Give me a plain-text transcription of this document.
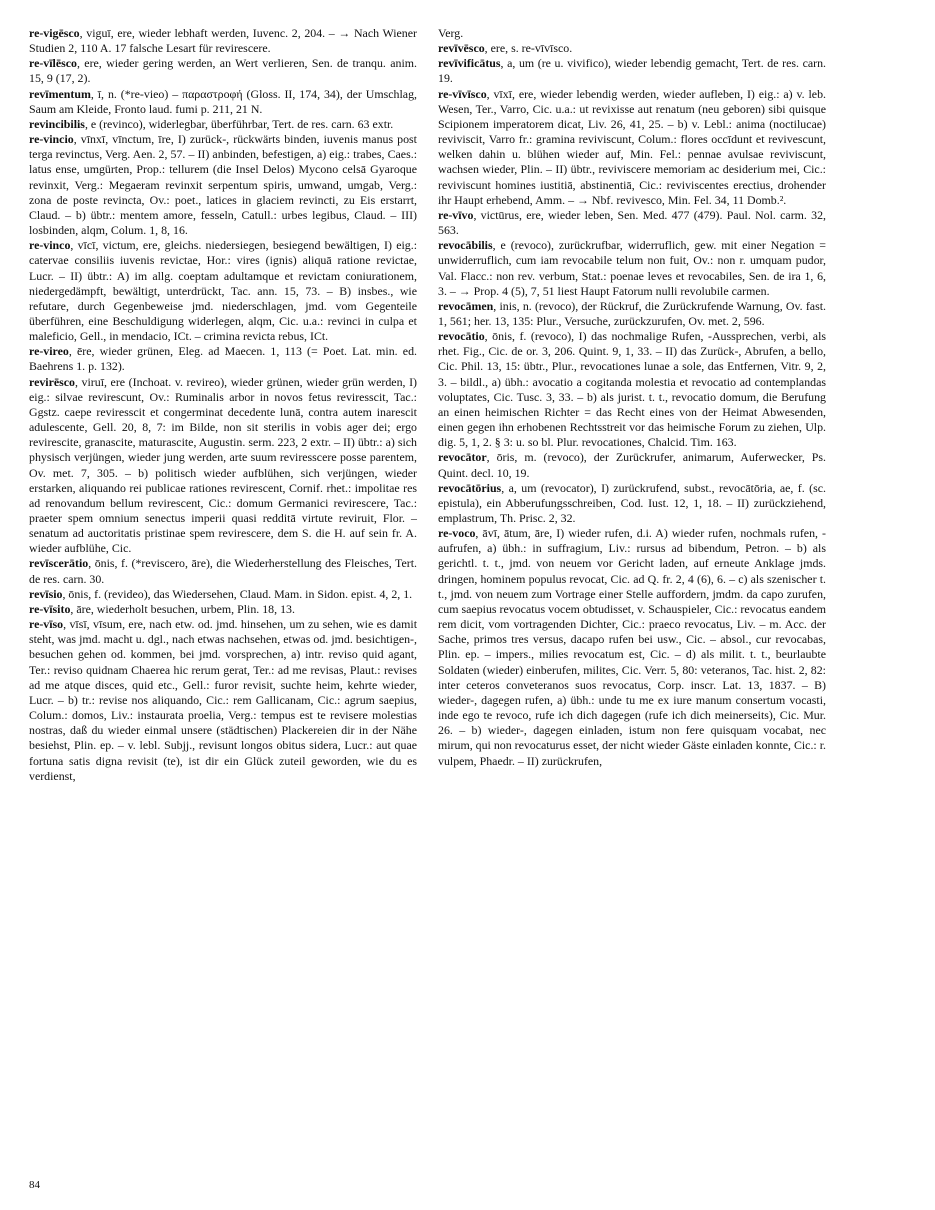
re-vigēsco, viguī, ere, wieder lebhaft werden, Iuvenc. 2, 204. – → Nach Wiener Studien 2, 110 A. 17 falsche Lesart für revirescere.

re-vīlēsco, ere, wieder gering werden, an Wert verlieren, Sen. de tranqu. anim. 15, 9 (17, 2).

revīmentum, ī, n. (*re-vieo) – παραστροφή (Gloss. II, 174, 34), der Umschlag, Saum am Kleide, Fronto laud. fumi p. 211, 21 N.

revincibilis, e (revinco), widerlegbar, überführbar, Tert. de res. carn. 63 extr.

re-vincio, vīnxī, vīnctum, īre, I) zurück-, rückwärts binden, iuvenis manus post terga revinctus, Verg. Aen. 2, 57. – II) anbinden, befestigen, a) eig.: trabes, Caes.: latus ense, umgürten, Prop.: tellurem (die Insel Delos) Mycono celsā Gyaroque revinxit, Verg.: Megaeram revinxit serpentum spiris, umwand, umgab, Verg.: zona de poste revincta, Ov.: poet., latices in glaciem revincti, zu Eis erstarrt, Claud. – b) übtr.: mentem amore, fesseln, Catull.: urbes legibus, Claud. – III) losbinden, alqm, Colum. 1, 8, 16.

re-vinco, vīcī, victum, ere, gleichs. niedersiegen, besiegend bewältigen, I) eig.: catervae consiliis iuvenis revictae, Hor.: vires (ignis) aliquā ratione revictae, Lucr. – II) übtr.: A) im allg. coeptam adultamque et revictam coniurationem, niedergedämpft, bewältigt, unterdrückt, Tac. ann. 15, 73. – B) insbes., wie refutare, durch Gegenbeweise jmd. niederschlagen, jmd. vom Gegenteile überführen, eine Beschuldigung widerlegen, alqm, Cic. u.a.: revinci in culpa et maleficio, Gell., in mendacio, ICt. – crimina revicta rebus, ICt.

re-vireo, ēre, wieder grünen, Eleg. ad Maecen. 1, 113 (= Poet. Lat. min. ed. Baehrens 1. p. 132).

revirēsco, viruī, ere (Inchoat. v. revireo), wieder grünen, wieder grün werden, I) eig.: silvae revirescunt, Ov.: Ruminalis arbor in novos fetus reviresscit, Tac.: Ggstz. caepe reviresscit et congerminat decedente lunā, contra autem inarescit adulescente, Gell. 20, 8, 7: im Bilde, non sit sterilis in vobis ager dei; ergo revirescite, granascite, maturascite, Augustin. serm. 223, 2 extr. – II) übtr.: a) sich physisch verjüngen, wieder jung werden, arte suum reviresscere posse parentem, Ov. met. 7, 305. – b) politisch wieder aufblühen, sich verjüngen, wieder erstarken, aliquando rei publicae rationes revirescent, Cornif. rhet.: impolitae res ad renovandum bellum revirescent, Cic.: domum Germanici revirescere, Tac.: praeter spem omnium senectus imperii quasi redditā virtute reviruit, Flor. – senatum ad auctoritatis pristinae spem revirescere, dem S. die H. auf sein fr. A. wieder aufblühe, Cic.

revīscerātio, ōnis, f. (*reviscero, āre), die Wiederherstellung des Fleisches, Tert. de res. carn. 30.

revīsio, ōnis, f. (revideo), das Wiedersehen, Claud. Mam. in Sidon. epist. 4, 2, 1.

re-vīsito, āre, wiederholt besuchen, urbem, Plin. 18, 13.

re-vīso, vīsī, vīsum, ere, nach etw. od. jmd. hinsehen, um zu sehen, wie es damit steht, was jmd. macht u. dgl., nach etwas nachsehen, etwas od. jmd. besichtigen-, besuchen gehen od. kommen, bei jmd. vorsprechen, a) intr. reviso quid agant, Ter.: reviso quidnam Chaerea hic rerum gerat, Ter.: ad me revisas, Plaut.: revises ad me atque disces, quid etc., Gell.: furor revisit, suchte heim, kehrte wieder, Lucr. – b) tr.: revise nos aliquando, Cic.: rem Gallicanam, Cic.: agrum saepius, Colum.: domos, Liv.: instaurata proelia, Verg.: tempus est te revisere molestias nostras, daß du wieder einmal unsere (städtischen) Plackereien dir in der Nähe besiehst, Plin. ep. – v. lebl. Subjj., revisunt longos obitus sidera, Lucr.: aut quae fortuna satis digna revisit (te), ist dir ein Glück zuteil geworden, wie du es verdienst,

Verg.

revīvēsco, ere, s. re-vīvīsco.

revīvificātus, a, um (re u. vivifico), wieder lebendig gemacht, Tert. de res. carn. 19.

re-vīvīsco, vīxī, ere, wieder lebendig werden, wieder aufleben, I) eig.: a) v. leb. Wesen, Ter., Varro, Cic. u.a.: ut revixisse aut renatum (neu geboren) sibi quisque Scipionem imperatorem dicat, Liv. 26, 41, 25. – b) v. Lebl.: anima (noctilucae) reviviscit, Varro fr.: gramina reviviscunt, Colum.: flores occīdunt et revivescunt, welken dahin u. blühen wieder auf, Min. Fel.: pennae avulsae reviviscunt, wachsen wieder, Plin. – II) übtr., reviviscere memoriam ac desiderium mei, Cic.: reviviscunt homines iustitiā, abstinentiā, Cic.: reviviscentes erectius, drohender ihr Haupt erhebend, Amm. – → Nbf. revivesco, Min. Fel. 34, 11 Domb.².

re-vīvo, victūrus, ere, wieder leben, Sen. Med. 477 (479). Paul. Nol. carm. 32, 563.

revocābilis, e (revoco), zurückrufbar, widerruflich, gew. mit einer Negation = unwiderruflich, cum iam revocabile telum non fuit, Ov.: non r. umquam pudor, Val. Flacc.: non rev. verbum, Stat.: poenae leves et revocabiles, Sen. de ira 1, 6, 3. – → Prop. 4 (5), 7, 51 liest Haupt Fatorum nulli revolubile carmen.

revocāmen, inis, n. (revoco), der Rückruf, die Zurückrufende Warnung, Ov. fast. 1, 561; her. 13, 135: Plur., Versuche, zurückzurufen, Ov. met. 2, 596.

revocātio, ōnis, f. (revoco), I) das nochmalige Rufen, -Aussprechen, verbi, als rhet. Fig., Cic. de or. 3, 206. Quint. 9, 1, 33. – II) das Zurück-, Abrufen, a bello, Cic. Phil. 13, 15: übtr., Plur., revocationes lunae a sole, das Entfernen, Vitr. 9, 2, 3. – bildl., a) übh.: avocatio a cogitanda molestia et revocatio ad contemplandas voluptates, Cic. Tusc. 3, 33. – b) als jurist. t. t., revocatio domum, die Berufung an einen heimischen Richter = das Recht eines von der Heimat Abwesenden, einen gegen ihn erhobenen Rechtsstreit vor das heimische Forum zu ziehen, Ulp. dig. 5, 1, 2. § 3: u. so bl. Plur. revocationes, Chalcid. Tim. 163.

revocātor, ōris, m. (revoco), der Zurückrufer, animarum, Auferwecker, Ps. Quint. decl. 10, 19.

revocātōrius, a, um (revocator), I) zurückrufend, subst., revocātōria, ae, f. (sc. epistula), ein Abberufungsschreiben, Cod. Iust. 12, 1, 18. – II) zurückziehend, emplastrum, Th. Prisc. 2, 32.

re-voco, āvī, ātum, āre, I) wieder rufen, d.i. A) wieder rufen, nochmals rufen, -aufrufen, a) übh.: in suffragium, Liv.: rursus ad bibendum, Petron. – b) als gerichtl. t. t., jmd. von neuem vor Gericht laden, auf erneute Anklage jmds. dringen, hominem populus revocat, Cic. ad Q. fr. 2, 4 (6), 6. – c) als szenischer t. t., jmd. von neuem zum Vortrage einer Stelle auffordern, jmdm. da capo zurufen, cum saepius revocatus vocem obtudisset, v. Schauspieler, Cic.: revocatus eandem rem dicit, vom vortragenden Dichter, Cic.: praeco revocatus, Liv. – m. Acc. der Sache, primos tres versus, dacapo rufen bei usw., Cic. – absol., cur revocabas, Plin. ep. – impers., milies revocatum est, Cic. – d) als milit. t. t., beurlaubte Soldaten (wieder) einberufen, milites, Cic. Verr. 5, 80: veteranos, Tac. hist. 2, 82: inter ceteros conveteranos suos revocatus, Corp. inscr. Lat. 13, 1837. – B) wieder-, dagegen rufen, a) übh.: unde tu me ex iure manum consertum vocasti, inde ego te revoco, rufe ich dich dagegen (rufe ich dich meinerseits), Cic. Mur. 26. – b) wieder-, dagegen einladen, istum non fere quisquam vocabat, nec mirum, qui non revocaturus esset, der nicht wieder Gäste einladen konnte, Cic.: r. vulpem, Phaedr. – II) zurückrufen,

84
